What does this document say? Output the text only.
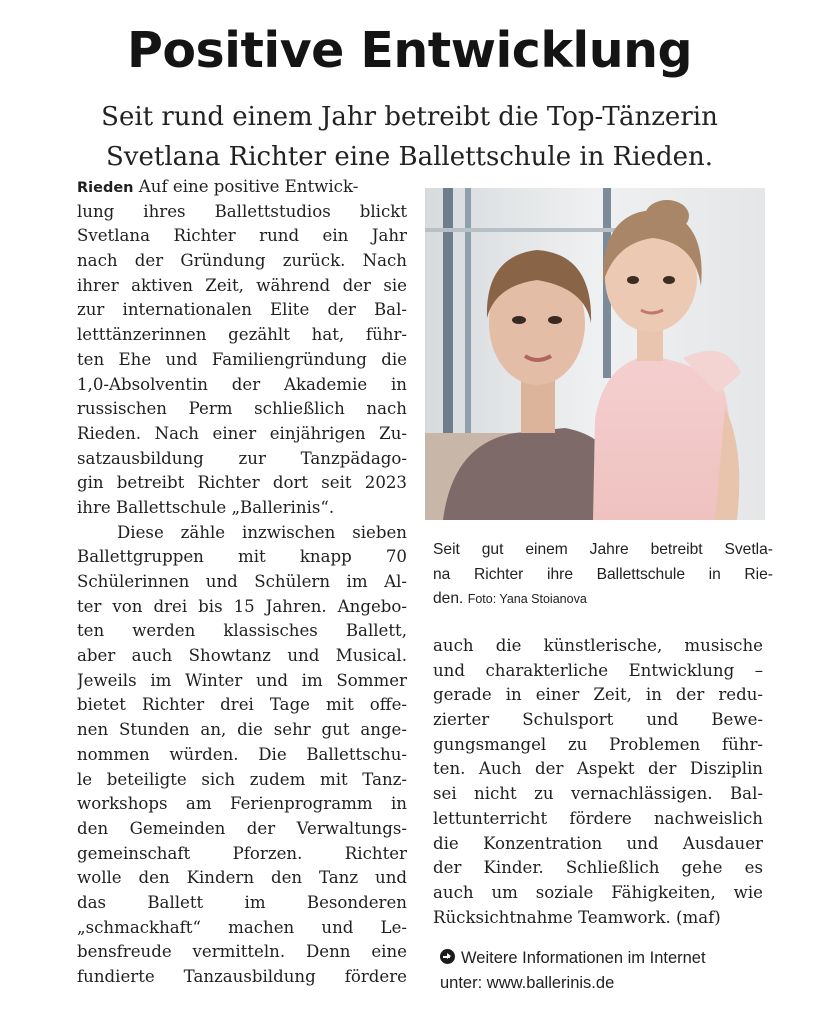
Positive Entwicklung
Seit rund einem Jahr betreibt die Top-Tänzerin
Svetlana Richter eine Ballettschule in Rieden.
Rieden Auf eine positive Entwick-
lung ihres Ballettstudios blickt
Svetlana Richter rund ein Jahr
nach der Gründung zurück. Nach
ihrer aktiven Zeit, während der sie
zur internationalen Elite der Bal-
letttänzerinnen gezählt hat, führ-
ten Ehe und Familiengründung die
1,0-Absolventin der Akademie in
russischen Perm schließlich nach
Rieden. Nach einer einjährigen Zu-
satzausbildung zur Tanzpädago-
gin betreibt Richter dort seit 2023
ihre Ballettschule „Ballerinis“.
Diese zähle inzwischen sieben
Ballettgruppen mit knapp 70
Schülerinnen und Schülern im Al-
ter von drei bis 15 Jahren. Angebo-
ten werden klassisches Ballett,
aber auch Showtanz und Musical.
Jeweils im Winter und im Sommer
bietet Richter drei Tage mit offe-
nen Stunden an, die sehr gut ange-
nommen würden. Die Ballettschu-
le beteiligte sich zudem mit Tanz-
workshops am Ferienprogramm in
den Gemeinden der Verwaltungs-
gemeinschaft Pforzen. Richter
wolle den Kindern den Tanz und
das Ballett im Besonderen
„schmackhaft“ machen und Le-
bensfreude vermitteln. Denn eine
fundierte Tanzausbildung fördere
Seit gut einem Jahre betreibt Svetla-
na Richter ihre Ballettschule in Rie-
den. Foto: Yana Stoianova
auch die künstlerische, musische
und charakterliche Entwicklung –
gerade in einer Zeit, in der redu-
zierter Schulsport und Bewe-
gungsmangel zu Problemen führ-
ten. Auch der Aspekt der Disziplin
sei nicht zu vernachlässigen. Bal-
lettunterricht fördere nachweislich
die Konzentration und Ausdauer
der Kinder. Schließlich gehe es
auch um soziale Fähigkeiten, wie
Rücksichtnahme Teamwork. (maf)
Weitere Informationen im Internet
unter: www.ballerinis.de
